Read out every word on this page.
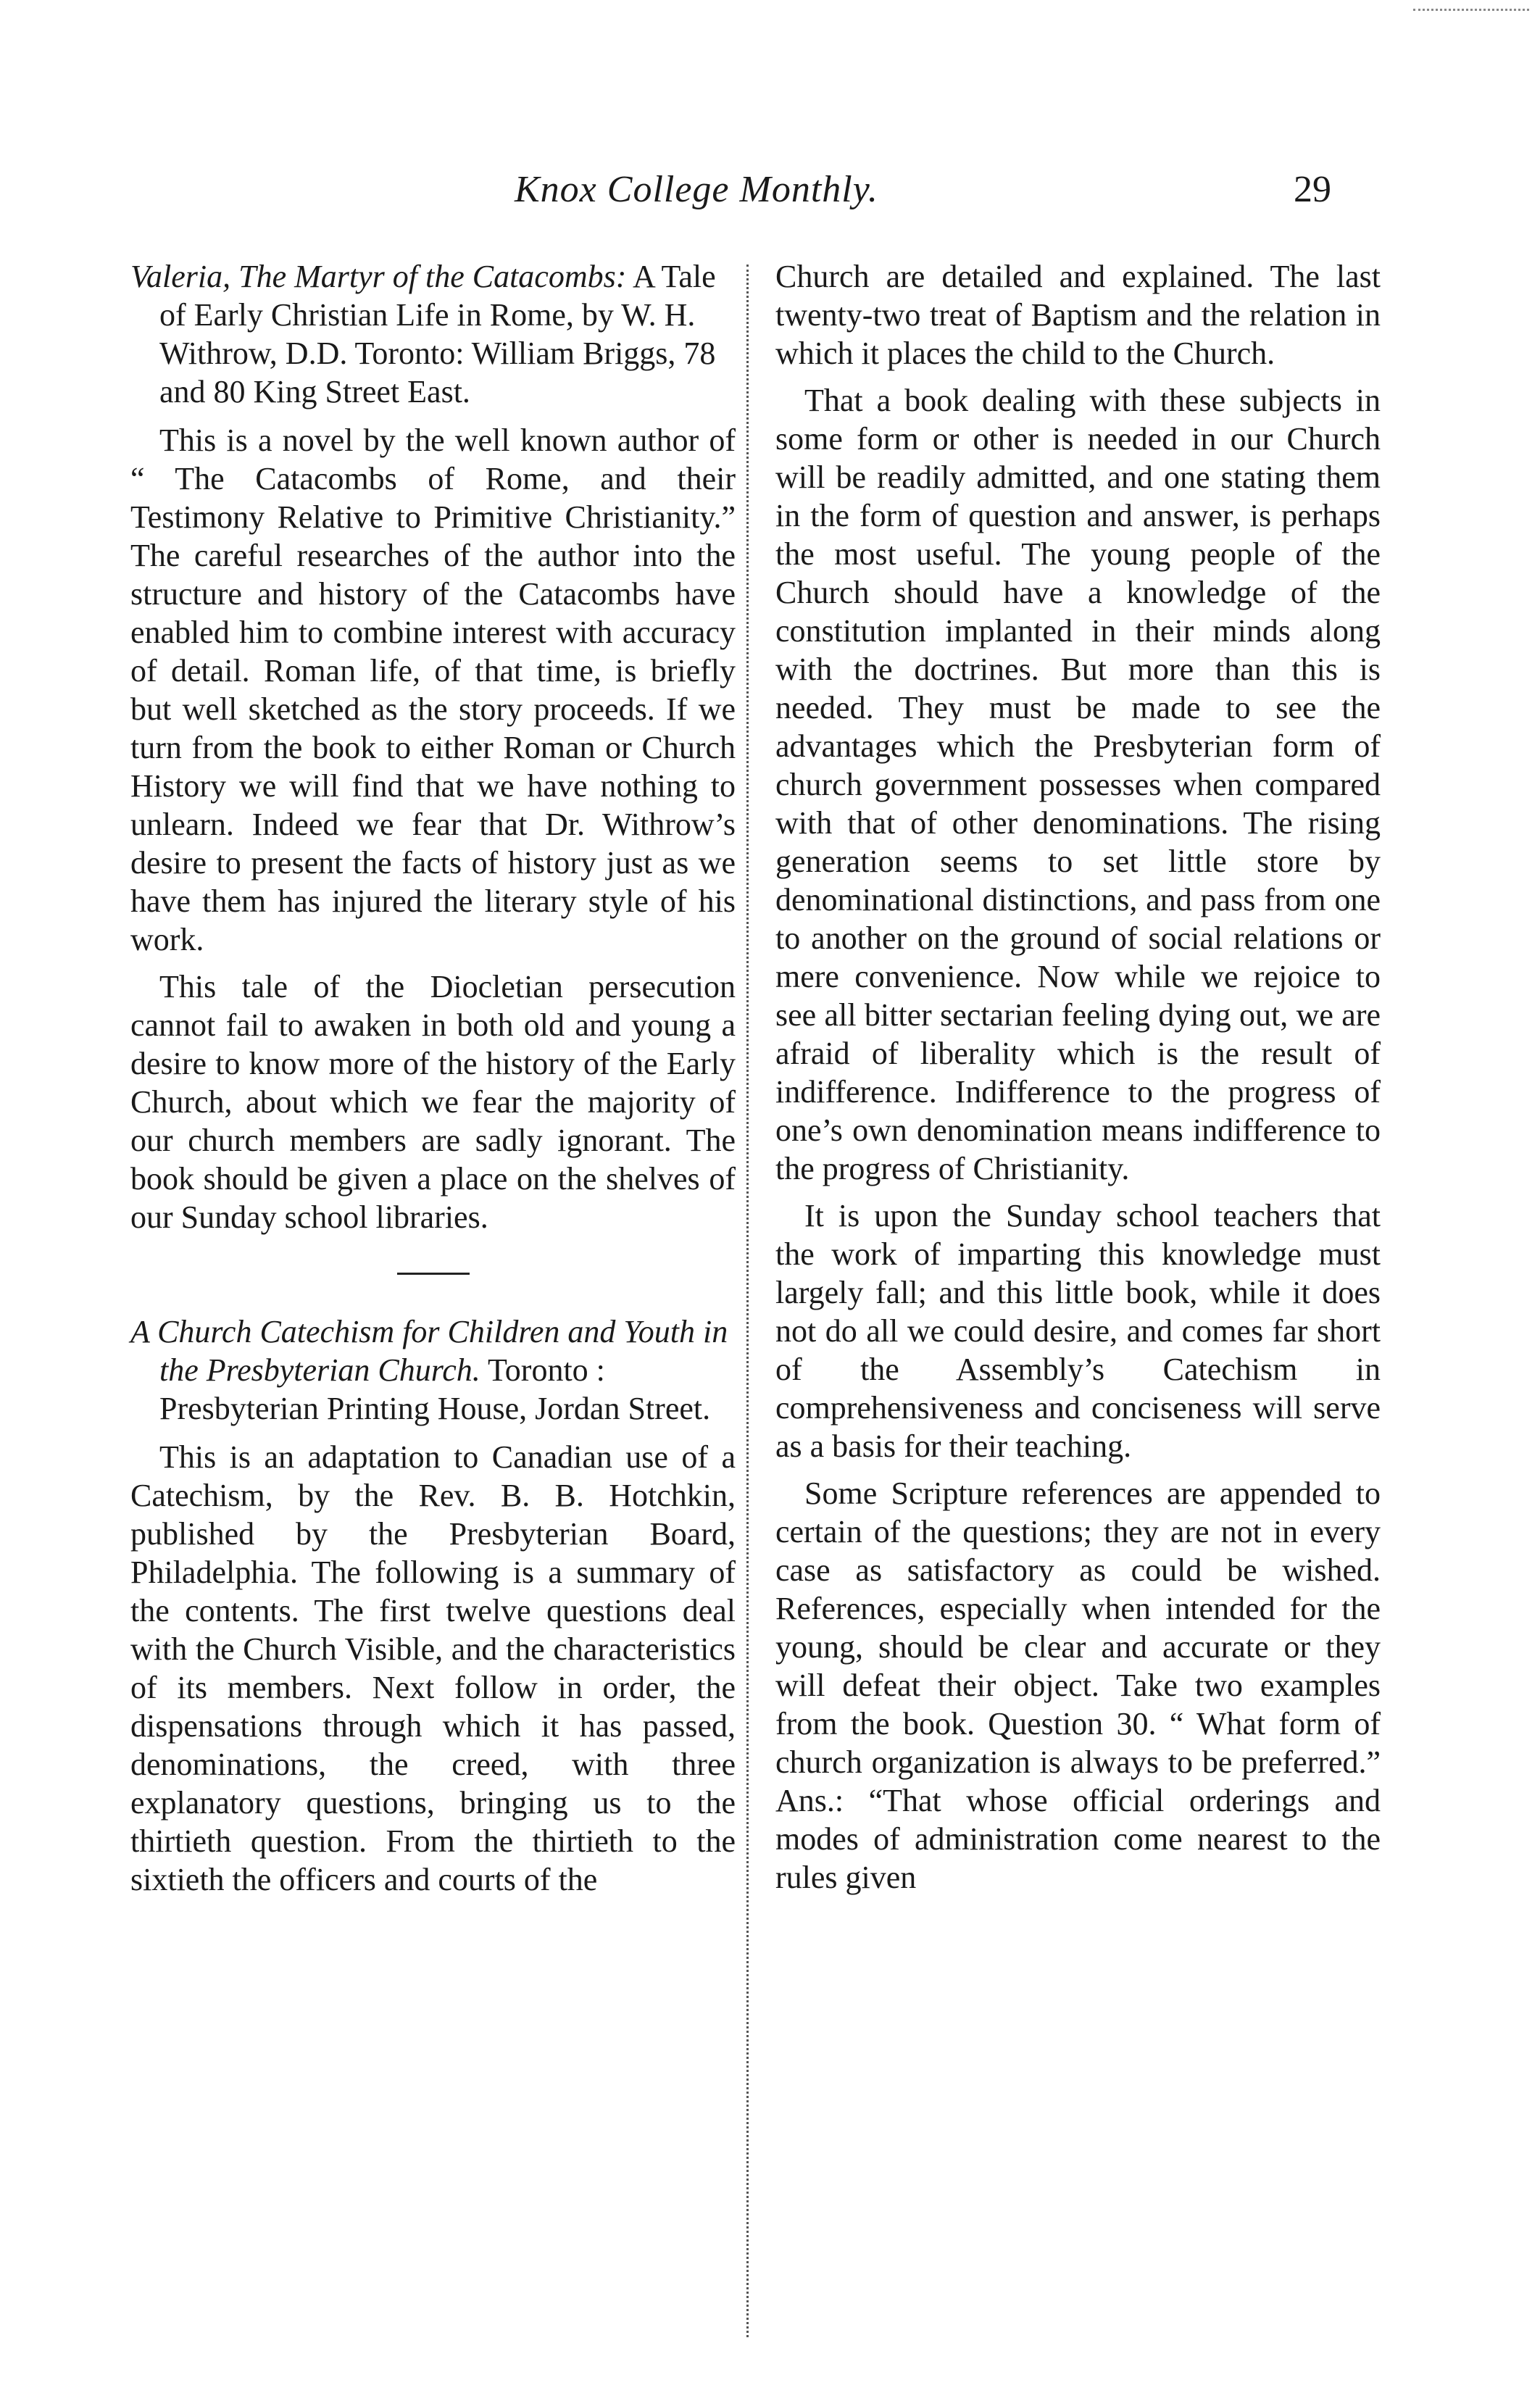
Knox College Monthly.	29
Valeria, The Martyr of the Catacombs: A Tale of Early Christian Life in Rome, by W. H. Withrow, D.D. Toronto: William Briggs, 78 and 80 King Street East.

This is a novel by the well known author of “ The Catacombs of Rome, and their Testimony Relative to Primitive Christianity.” The careful researches of the author into the structure and history of the Catacombs have enabled him to combine interest with accuracy of detail. Roman life, of that time, is briefly but well sketched as the story proceeds. If we turn from the book to either Roman or Church History we will find that we have nothing to unlearn. Indeed we fear that Dr. Withrow’s desire to present the facts of history just as we have them has injured the literary style of his work.

This tale of the Diocletian persecution cannot fail to awaken in both old and young a desire to know more of the history of the Early Church, about which we fear the majority of our church members are sadly ignorant. The book should be given a place on the shelves of our Sunday school libraries.

A Church Catechism for Children and Youth in the Presbyterian Church. Toronto : Presbyterian Printing House, Jordan Street.

This is an adaptation to Canadian use of a Catechism, by the Rev. B. B. Hotchkin, published by the Presbyterian Board, Philadelphia. The following is a summary of the contents. The first twelve questions deal with the Church Visible, and the characteristics of its members. Next follow in order, the dispensations through which it has passed, denominations, the creed, with three explanatory questions, bringing us to the thirtieth question. From the thirtieth to the sixtieth the officers and courts of the

Church are detailed and explained. The last twenty-two treat of Baptism and the relation in which it places the child to the Church.

That a book dealing with these subjects in some form or other is needed in our Church will be readily admitted, and one stating them in the form of question and answer, is perhaps the most useful. The young people of the Church should have a knowledge of the constitution implanted in their minds along with the doctrines. But more than this is needed. They must be made to see the advantages which the Presbyterian form of church government possesses when compared with that of other denominations. The rising generation seems to set little store by denominational distinctions, and pass from one to another on the ground of social relations or mere convenience. Now while we rejoice to see all bitter sectarian feeling dying out, we are afraid of liberality which is the result of indifference. Indifference to the progress of one’s own denomination means indifference to the progress of Christianity.

It is upon the Sunday school teachers that the work of imparting this knowledge must largely fall; and this little book, while it does not do all we could desire, and comes far short of the Assembly’s Catechism in comprehensiveness and conciseness will serve as a basis for their teaching.

Some Scripture references are appended to certain of the questions; they are not in every case as satisfactory as could be wished. References, especially when intended for the young, should be clear and accurate or they will defeat their object. Take two examples from the book. Question 30. “ What form of church organization is always to be preferred.” Ans.: “That whose official orderings and modes of administration come nearest to the rules given
